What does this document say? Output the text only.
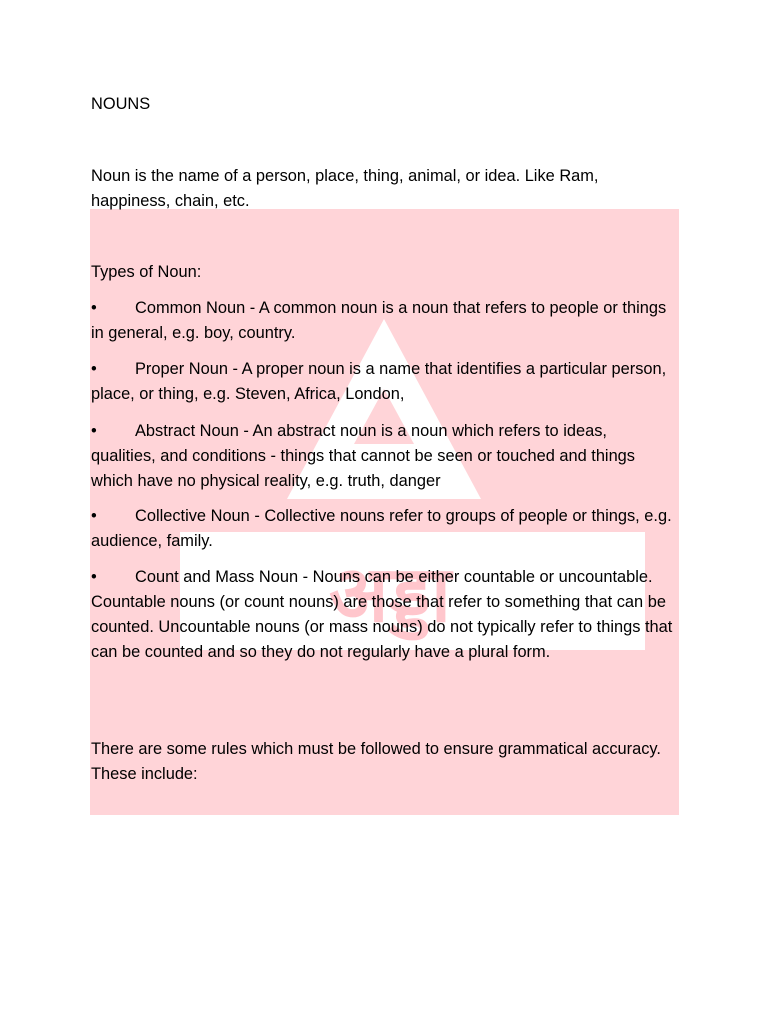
अड्डा

NOUNS

Noun is the name of a person, place, thing, animal, or idea. Like Ram, happiness, chain, etc.

Types of Noun:

• Common Noun - A common noun is a noun that refers to people or things in general, e.g. boy, country.
• Proper Noun - A proper noun is a name that identifies a particular person, place, or thing, e.g. Steven, Africa, London,
• Abstract Noun - An abstract noun is a noun which refers to ideas, qualities, and conditions - things that cannot be seen or touched and things which have no physical reality, e.g. truth, danger
• Collective Noun - Collective nouns refer to groups of people or things, e.g. audience, family.
• Count and Mass Noun - Nouns can be either countable or uncountable. Countable nouns (or count nouns) are those that refer to something that can be counted. Uncountable nouns (or mass nouns) do not typically refer to things that can be counted and so they do not regularly have a plural form.

There are some rules which must be followed to ensure grammatical accuracy. These include:
